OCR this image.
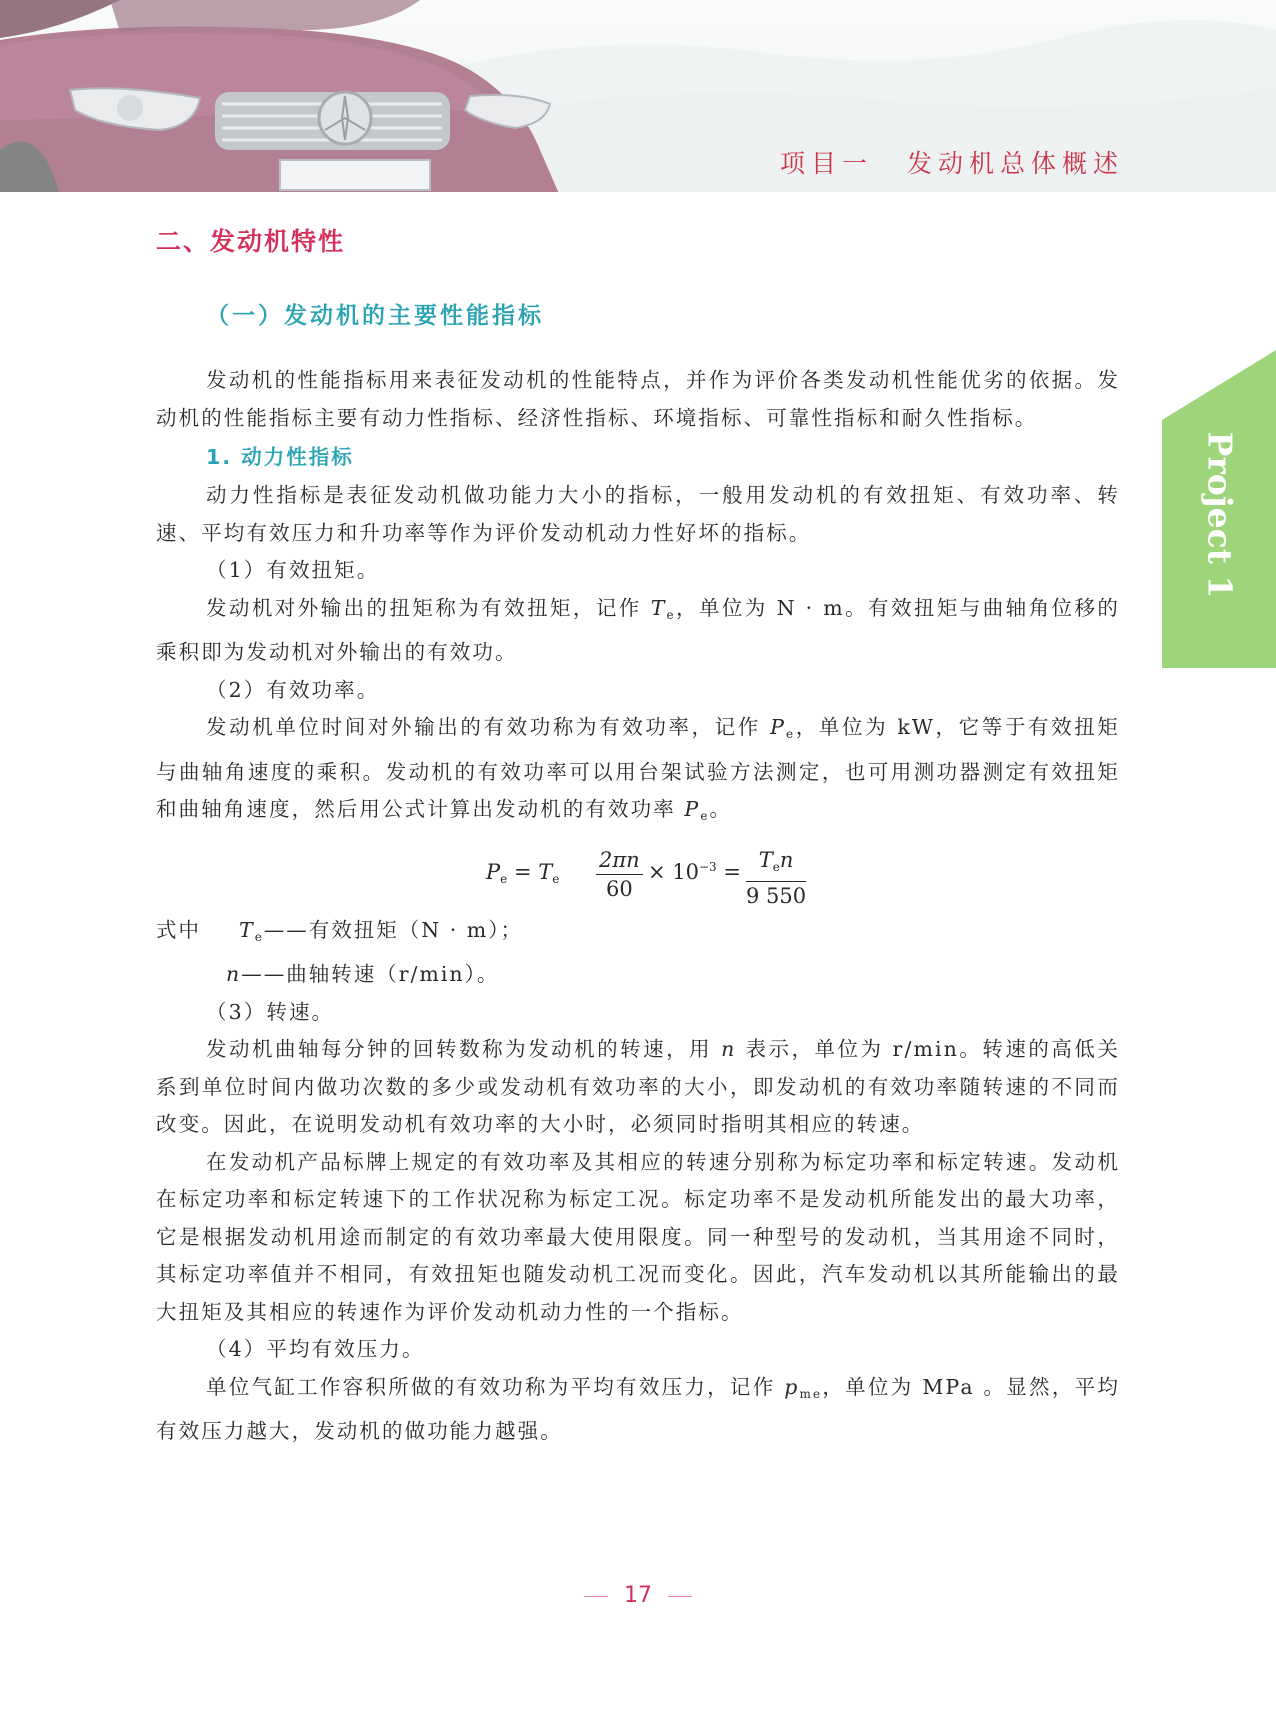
项目一 发动机总体概述
Project 1
二、发动机特性
（一）发动机的主要性能指标

发动机的性能指标用来表征发动机的性能特点，并作为评价各类发动机性能优劣的依据。发动机的性能指标主要有动力性指标、经济性指标、环境指标、可靠性指标和耐久性指标。

1. 动力性指标

动力性指标是表征发动机做功能力大小的指标，一般用发动机的有效扭矩、有效功率、转速、平均有效压力和升功率等作为评价发动机动力性好坏的指标。

（1）有效扭矩。

发动机对外输出的扭矩称为有效扭矩，记作 $T_e$，单位为 N · m。有效扭矩与曲轴角位移的乘积即为发动机对外输出的有效功。

（2）有效功率。

发动机单位时间对外输出的有效功称为有效功率，记作 $P_e$，单位为 kW，它等于有效扭矩与曲轴角速度的乘积。发动机的有效功率可以用台架试验方法测定，也可用测功器测定有效扭矩和曲轴角速度，然后用公式计算出发动机的有效功率 $P_e$。

$P_e = T_e \frac{2\pi n}{60} \times 10^{-3} = T_en$
9 550

式中 $T_e——$有效扭矩（N · m）；

n——曲轴转速（r/min）。

（3）转速。

发动机曲轴每分钟的回转数称为发动机的转速，用 n 表示，单位为 r/min。转速的高低关系到单位时间内做功次数的多少或发动机有效功率的大小，即发动机的有效功率随转速的不同而改变。因此，在说明发动机有效功率的大小时，必须同时指明其相应的转速。

在发动机产品标牌上规定的有效功率及其相应的转速分别称为标定功率和标定转速。发动机在标定功率和标定转速下的工作状况称为标定工况。标定功率不是发动机所能发出的最大功率，它是根据发动机用途而制定的有效功率最大使用限度。同一种型号的发动机，当其用途不同时，其标定功率值并不相同，有效扭矩也随发动机工况而变化。因此，汽车发动机以其所能输出的最大扭矩及其相应的转速作为评价发动机动力性的一个指标。

（4）平均有效压力。

单位气缸工作容积所做的有效功称为平均有效压力，记作 $p_{me}$，单位为 MPa 。显然，平均有效压力越大，发动机的做功能力越强。

17
